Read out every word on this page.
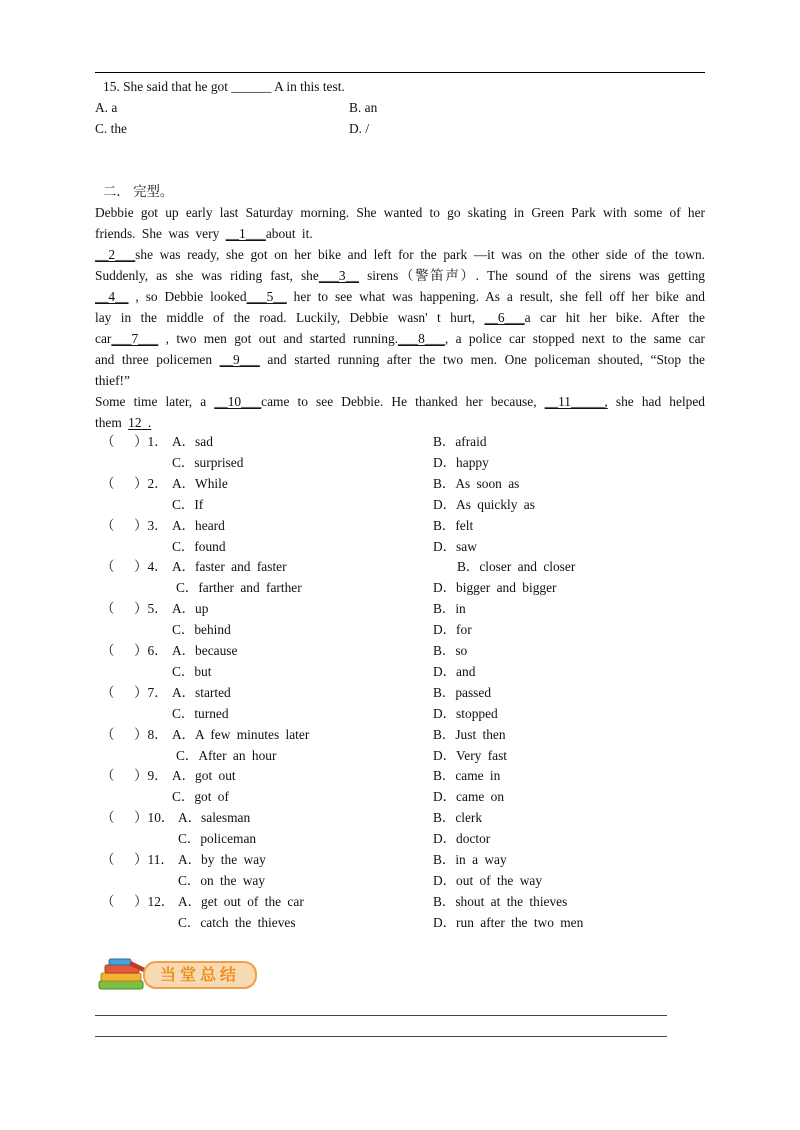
15. She said that he got ______ A in this test.
A. a	B. an
C. the	D. /
二． 完型。
Debbie got up early last Saturday morning. She wanted to go skating in Green Park with some of her friends. She was very __1___about it.
__2___she was ready, she got on her bike and left for the park —it was on the other side of the town. Suddenly, as she was riding fast, she___3__ sirens（警笛声）. The sound of the sirens was getting __4__ , so Debbie looked___5__ her to see what was happening. As a result, she fell off her bike and lay in the middle of the road. Luckily, Debbie wasn' t hurt, __6___a car hit her bike. After the car___7___ , two men got out and started running.___8___, a police car stopped next to the same car and three policemen __9___ and started running after the two men. One policeman shouted, “Stop the thief!”
Some time later, a __10___came to see Debbie. He thanked her because, __11_____, she had helped them 12 .
（　 ）1． A．sad	B．afraid
C．surprised	D．happy
（　 ）2． A．While	B．As soon as
C．If	D．As quickly as
（　 ）3． A．heard	B．felt
C．found	D．saw
（　 ）4． A．faster and faster	B．closer and closer
C．farther and farther	D．bigger and bigger
（　 ）5． A．up	B．in
C．behind	D．for
（　 ）6． A．because	B．so
C．but	D．and
（　 ）7． A．started	B．passed
C．turned	D．stopped
（　 ）8． A．A few minutes later	B．Just then
C．After an hour	D．Very fast
（　 ）9． A．got out	B．came in
C．got of	D．came on
（　 ）10． A．salesman	B．clerk
C．policeman	D．doctor
（　 ）11． A．by the way	B．in a way
C．on the way	D．out of the way
（　 ）12． A．get out of the car	B．shout at the thieves
C．catch the thieves	D．run after the two men
当堂总结
